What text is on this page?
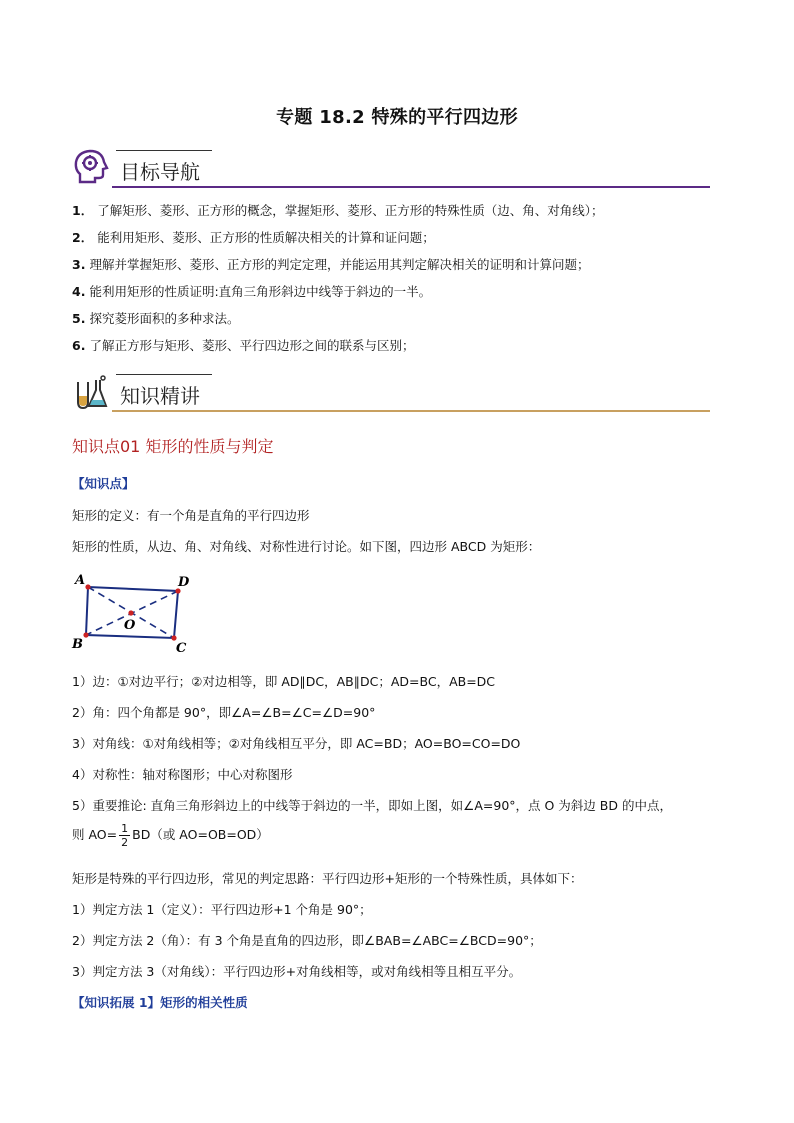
专题 18.2 特殊的平行四边形
目标导航
1． 了解矩形、菱形、正方形的概念，掌握矩形、菱形、正方形的特殊性质（边、角、对角线）；
2． 能利用矩形、菱形、正方形的性质解决相关的计算和证问题；
3. 理解并掌握矩形、菱形、正方形的判定定理，并能运用其判定解决相关的证明和计算问题；
4. 能利用矩形的性质证明:直角三角形斜边中线等于斜边的一半。
5. 探究菱形面积的多种求法。
6. 了解正方形与矩形、菱形、平行四边形之间的联系与区别；
知识精讲
知识点01 矩形的性质与判定
【知识点】
矩形的定义：有一个角是直角的平行四边形
矩形的性质，从边、角、对角线、对称性进行讨论。如下图，四边形 ABCD 为矩形：
A	D
C
B
O
1）边：①对边平行；②对边相等，即 AD∥DC，AB∥DC；AD=BC，AB=DC
2）角：四个角都是 90°，即∠A=∠B=∠C=∠D=90°
3）对角线：①对角线相等；②对角线相互平分，即 AC=BD；AO=BO=CO=DO
4）对称性：轴对称图形；中心对称图形
5）重要推论: 直角三角形斜边上的中线等于斜边的一半，即如上图，如∠A=90°，点 O 为斜边 BD 的中点，
则 $AO= \frac{1}{2} BD$（或 AO=OB=OD）
矩形是特殊的平行四边形，常见的判定思路：平行四边形+矩形的一个特殊性质，具体如下：
1）判定方法 1（定义）：平行四边形+1 个角是 90°；
2）判定方法 2（角）：有 3 个角是直角的四边形，即∠BAB=∠ABC=∠BCD=90°；
3）判定方法 3（对角线）：平行四边形+对角线相等，或对角线相等且相互平分。
【知识拓展 1】矩形的相关性质
